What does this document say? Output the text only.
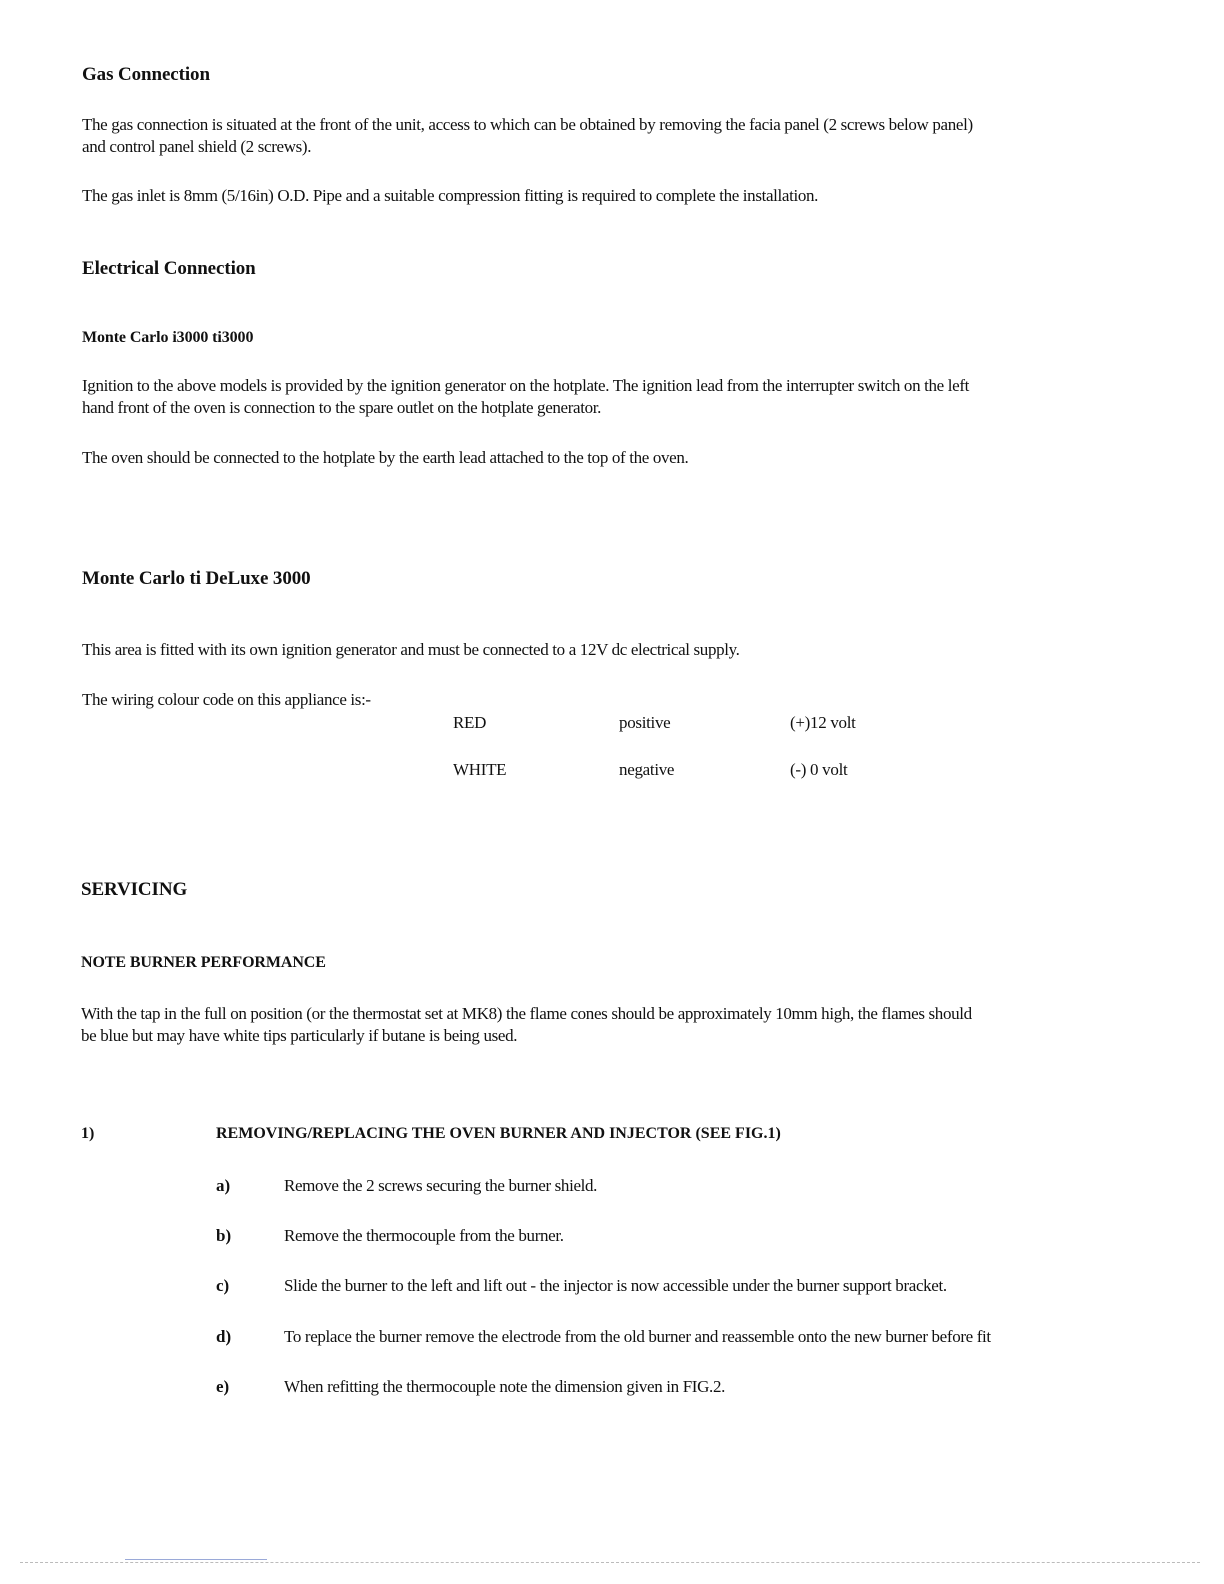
Gas Connection
The gas connection is situated at the front of the unit, access to which can be obtained by removing the facia panel (2 screws below panel) and control panel shield (2 screws).
The gas inlet is 8mm (5/16in) O.D. Pipe and a suitable compression fitting is required to complete the installation.
Electrical Connection
Monte Carlo i3000 ti3000
Ignition to the above models is provided by the ignition generator on the hotplate. The ignition lead from the interrupter switch on the left hand front of the oven is connection to the spare outlet on the hotplate generator.
The oven should be connected to the hotplate by the earth lead attached to the top of the oven.
Monte Carlo ti DeLuxe 3000
This area is fitted with its own ignition generator and must be connected to a 12V dc electrical supply.
The wiring colour code on this appliance is:-
RED	positive	(+)12 volt
WHITE	negative	(-) 0 volt
SERVICING
NOTE BURNER PERFORMANCE
With the tap in the full on position (or the thermostat set at MK8) the flame cones should be approximately 10mm high, the flames should be blue but may have white tips particularly if butane is being used.
1)	REMOVING/REPLACING THE OVEN BURNER AND INJECTOR (SEE FIG.1)
a)	Remove the 2 screws securing the burner shield.
b)	Remove the thermocouple from the burner.
c)	Slide the burner to the left and lift out - the injector is now accessible under the burner support bracket.
d)	To replace the burner remove the electrode from the old burner and reassemble onto the new burner before fit
e)	When refitting the thermocouple note the dimension given in FIG.2.
